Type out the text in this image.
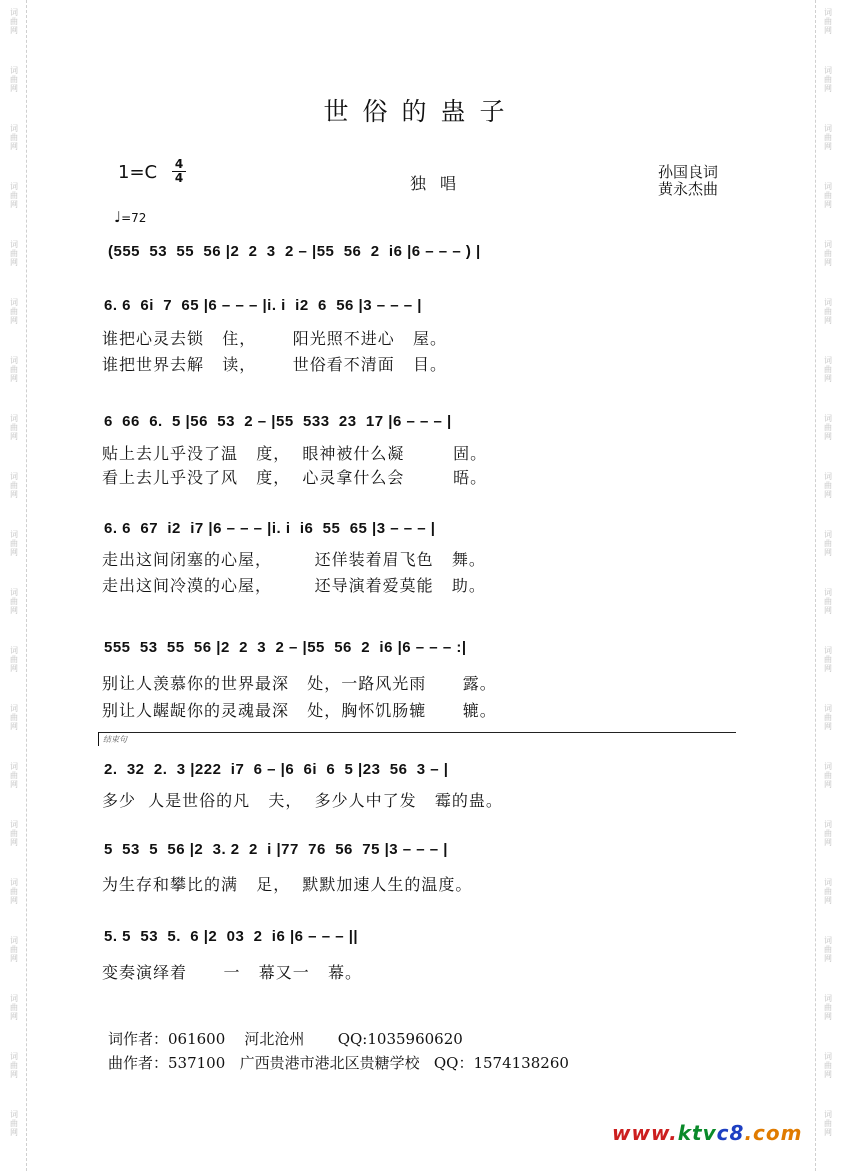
词
曲
网
词
曲
网
词
曲
网
词
曲
网
词
曲
网
词
曲
网
词
曲
网
词
曲
网
词
曲
网
词
曲
网
词
曲
网
词
曲
网
词
曲
网
词
曲
网
词
曲
网
词
曲
网
词
曲
网
词
曲
网
词
曲
网
词
曲
网
词
曲
网
词
曲
网
词
曲
网
词
曲
网
词
曲
网
词
曲
网
词
曲
网
词
曲
网
词
曲
网
词
曲
网
词
曲
网
词
曲
网
词
曲
网
词
曲
网
词
曲
网
词
曲
网
词
曲
网
词
曲
网
词
曲
网
词
曲
网
世俗的蛊子
1=C 4
4	独唱
孙国良词
黄永杰曲
♩=72
(555  53  55  56 |2  2  3  2 – |55  56  2  i6 |6 – – – ) |
6. 6  6i  7  65 |6 – – – |i. i  i2  6  56 |3 – – – |
谁把心灵去锁   住，      阳光照不进心   屋。
谁把世界去解   读，      世俗看不清面   目。
6  66  6.  5 |56  53  2 – |55  533  23  17 |6 – – – |
贴上去儿乎没了温   度，  眼神被什么凝        固。
看上去儿乎没了风   度，  心灵拿什么会        晤。
6. 6  67  i2  i7 |6 – – – |i. i  i6  55  65 |3 – – – |
走出这间闭塞的心屋，       还佯装着眉飞色   舞。
走出这间冷漠的心屋，       还导演着爱莫能   助。
555  53  55  56 |2  2  3  2 – |55  56  2  i6 |6 – – – :|
别让人羡慕你的世界最深   处，一路风光雨      露。
别让人龌龊你的灵魂最深   处，胸怀饥肠辘      辘。
结束句
2.  32  2.  3 |222  i7  6 – |6  6i  6  5 |23  56  3 – |
多少  人是世俗的凡   夫，  多少人中了发   霉的蛊。
5  53  5  56 |2  3. 2  2  i |77  76  56  75 |3 – – – |
为生存和攀比的满   足，  默默加速人生的温度。
5. 5  53  5.  6 |2  03  2  i6 |6 – – – ||
变奏演绎着      一   幕又一   幕。
词作者：061600    河北沧州       QQ:1035960620
曲作者：537100   广西贵港市港北区贵糖学校   QQ：1574138260
www.ktvc8.com
